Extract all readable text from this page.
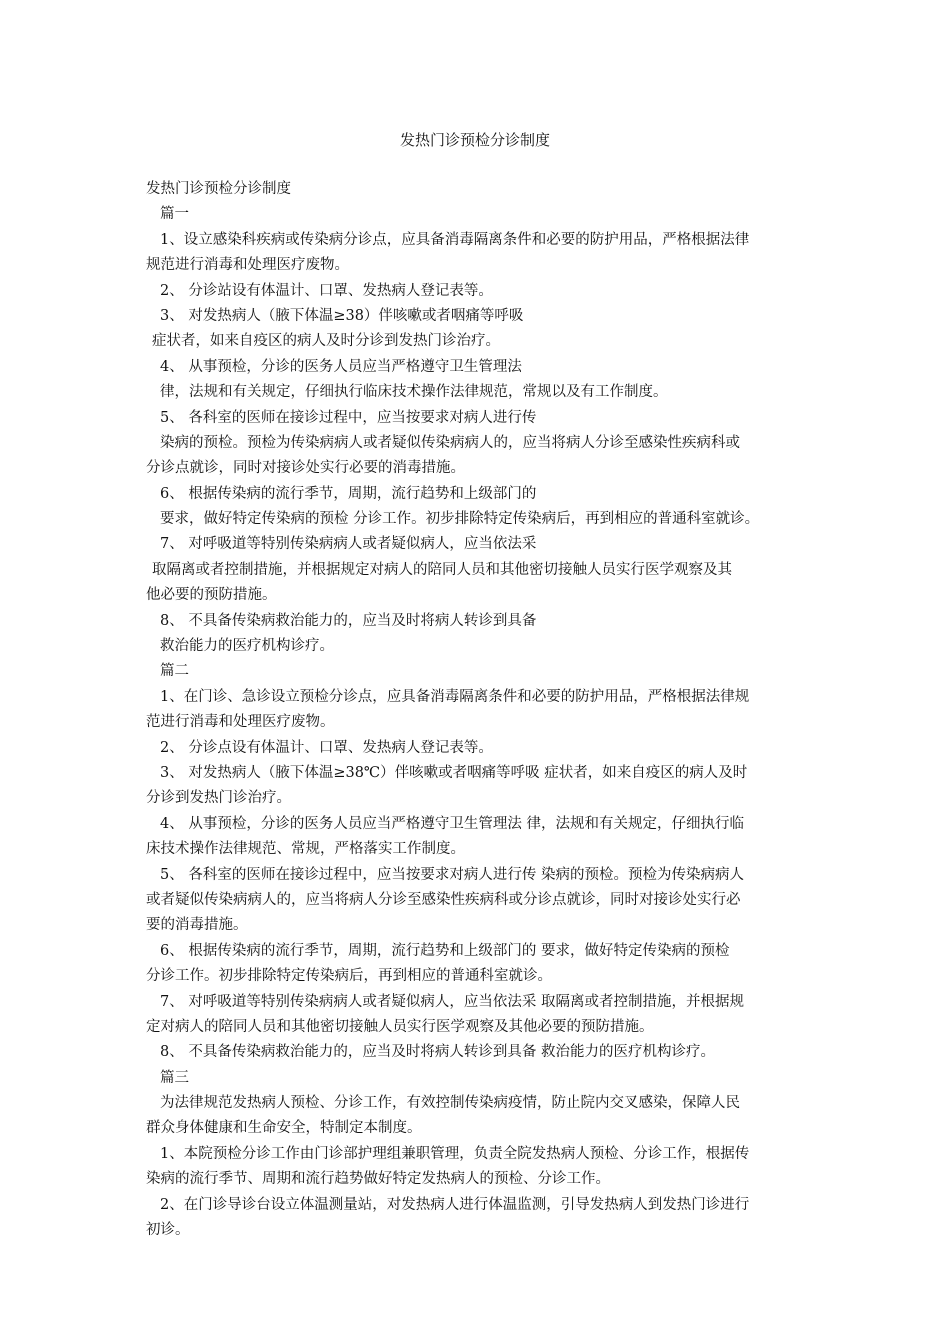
发热门诊预检分诊制度
发热门诊预检分诊制度
篇一
1、设立感染科疾病或传染病分诊点，应具备消毒隔离条件和必要的防护用品，严格根据法律
规范进行消毒和处理医疗废物。
2、 分诊站设有体温计、口罩、发热病人登记表等。
3、 对发热病人（腋下体温≥38）伴咳嗽或者咽痛等呼吸
症状者，如来自疫区的病人及时分诊到发热门诊治疗。
4、 从事预检，分诊的医务人员应当严格遵守卫生管理法
律，法规和有关规定，仔细执行临床技术操作法律规范，常规以及有工作制度。
5、 各科室的医师在接诊过程中，应当按要求对病人进行传
染病的预检。预检为传染病病人或者疑似传染病病人的，应当将病人分诊至感染性疾病科或
分诊点就诊，同时对接诊处实行必要的消毒措施。
6、 根据传染病的流行季节，周期，流行趋势和上级部门的
要求，做好特定传染病的预检 分诊工作。初步排除特定传染病后，再到相应的普通科室就诊。
7、 对呼吸道等特别传染病病人或者疑似病人，应当依法采
取隔离或者控制措施，并根据规定对病人的陪同人员和其他密切接触人员实行医学观察及其
他必要的预防措施。
8、 不具备传染病救治能力的，应当及时将病人转诊到具备
救治能力的医疗机构诊疗。
篇二
1、在门诊、急诊设立预检分诊点，应具备消毒隔离条件和必要的防护用品，严格根据法律规
范进行消毒和处理医疗废物。
2、 分诊点设有体温计、口罩、发热病人登记表等。
3、 对发热病人（腋下体温≥38℃）伴咳嗽或者咽痛等呼吸 症状者，如来自疫区的病人及时
分诊到发热门诊治疗。
4、 从事预检，分诊的医务人员应当严格遵守卫生管理法 律，法规和有关规定，仔细执行临
床技术操作法律规范、常规，严格落实工作制度。
5、 各科室的医师在接诊过程中，应当按要求对病人进行传 染病的预检。预检为传染病病人
或者疑似传染病病人的，应当将病人分诊至感染性疾病科或分诊点就诊，同时对接诊处实行必
要的消毒措施。
6、 根据传染病的流行季节，周期，流行趋势和上级部门的 要求，做好特定传染病的预检
分诊工作。初步排除特定传染病后，再到相应的普通科室就诊。
7、 对呼吸道等特别传染病病人或者疑似病人，应当依法采 取隔离或者控制措施，并根据规
定对病人的陪同人员和其他密切接触人员实行医学观察及其他必要的预防措施。
8、 不具备传染病救治能力的，应当及时将病人转诊到具备 救治能力的医疗机构诊疗。
篇三
为法律规范发热病人预检、分诊工作，有效控制传染病疫情，防止院内交叉感染，保障人民
群众身体健康和生命安全，特制定本制度。
1、本院预检分诊工作由门诊部护理组兼职管理，负责全院发热病人预检、分诊工作，根据传
染病的流行季节、周期和流行趋势做好特定发热病人的预检、分诊工作。
2、在门诊导诊台设立体温测量站，对发热病人进行体温监测，引导发热病人到发热门诊进行
初诊。
